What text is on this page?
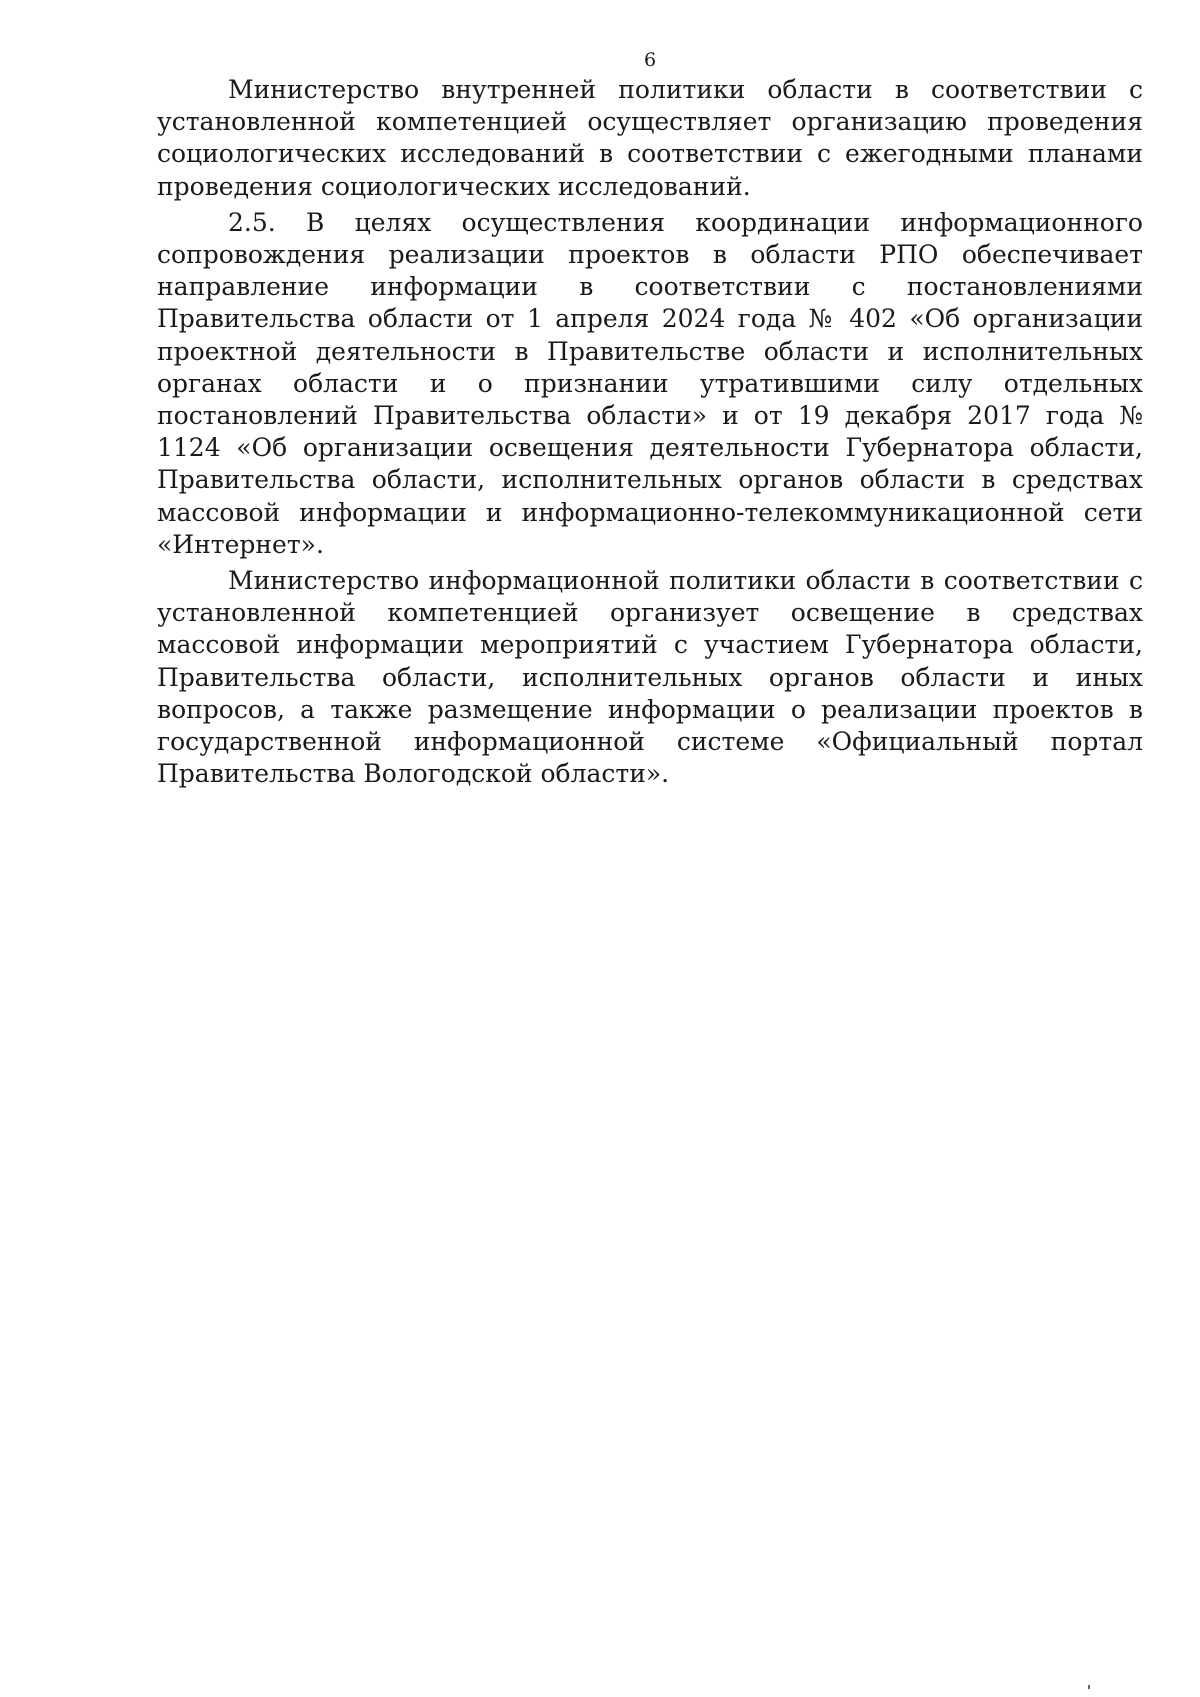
6

Министерство внутренней политики области в соответствии с установленной компетенцией осуществляет организацию проведения социологических исследований в соответствии с ежегодными планами проведения социологических исследований.

2.5. В целях осуществления координации информационного сопровождения реализации проектов в области РПО обеспечивает направление информации в соответствии с постановлениями Правительства области от 1 апреля 2024 года № 402 «Об организации проектной деятельности в Правительстве области и исполнительных органах области и о признании утратившими силу отдельных постановлений Правительства области» и от 19 декабря 2017 года № 1124 «Об организации освещения деятельности Губернатора области, Правительства области, исполнительных органов области в средствах массовой информации и информационно-телекоммуникационной сети «Интернет».

Министерство информационной политики области в соответствии с установленной компетенцией организует освещение в средствах массовой информации мероприятий с участием Губернатора области, Правительства области, исполнительных органов области и иных вопросов, а также размещение информации о реализации проектов в государственной информационной системе «Официальный портал Правительства Вологодской области».
